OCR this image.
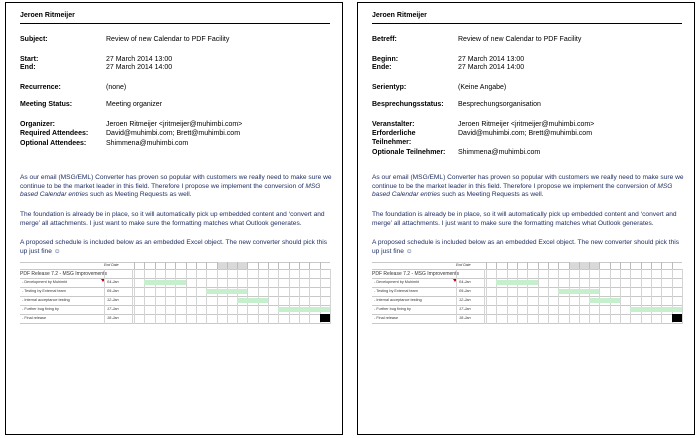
Jeroen Ritmeijer
Subject:	Review of new Calendar to PDF Facility
Start:	27 March 2014 13:00
End:	27 March 2014 14:00
Recurrence:	(none)
Meeting Status:	Meeting organizer
Organizer:	Jeroen Ritmeijer <jritmeijer@muhimbi.com>
Required Attendees:	David@muhimbi.com; Brett@muhimbi.com
Optional Attendees:	Shimmena@muhimbi.com
As our email (MSG/EML) Converter has proven so popular with customers we really need to make sure we continue to be the market leader in this field. Therefore I propose we implement the conversion of MSG based Calendar entries such as Meeting Requests as well.
The foundation is already be in place, so it will automatically pick up embedded content and ‘convert and merge’ all attachments. I just want to make sure the formatting matches what Outlook generates.
A proposed schedule is included below as an embedded Excel object. The new converter should pick this up just fine ☺
End Date
PDF Release 7.2 - MSG Improvements
- Development by Muhimbi	04-Jan
- Testing by External team	09-Jan
- Internal acceptance testing	12-Jan
- Further bug fixing by	17-Jan
- Final release	18-Jan
Jeroen Ritmeijer
Betreff:	Review of new Calendar to PDF Facility
Beginn:	27 March 2014 13:00
Ende:	27 March 2014 14:00
Serientyp:	(Keine Angabe)
Besprechungsstatus: Besprechungsorganisation
Veranstalter:	Jeroen Ritmeijer <jritmeijer@muhimbi.com>
Erforderliche Teilnehmer:
David@muhimbi.com; Brett@muhimbi.com
Optionale Teilnehmer: Shimmena@muhimbi.com
As our email (MSG/EML) Converter has proven so popular with customers we really need to make sure we continue to be the market leader in this field. Therefore I propose we implement the conversion of MSG based Calendar entries such as Meeting Requests as well.
The foundation is already be in place, so it will automatically pick up embedded content and ‘convert and merge’ all attachments. I just want to make sure the formatting matches what Outlook generates.
A proposed schedule is included below as an embedded Excel object. The new converter should pick this up just fine ☺
End Date
PDF Release 7.2 - MSG Improvements
- Development by Muhimbi	04-Jan
- Testing by External team	09-Jan
- Internal acceptance testing	12-Jan
- Further bug fixing by	17-Jan
- Final release	18-Jan
